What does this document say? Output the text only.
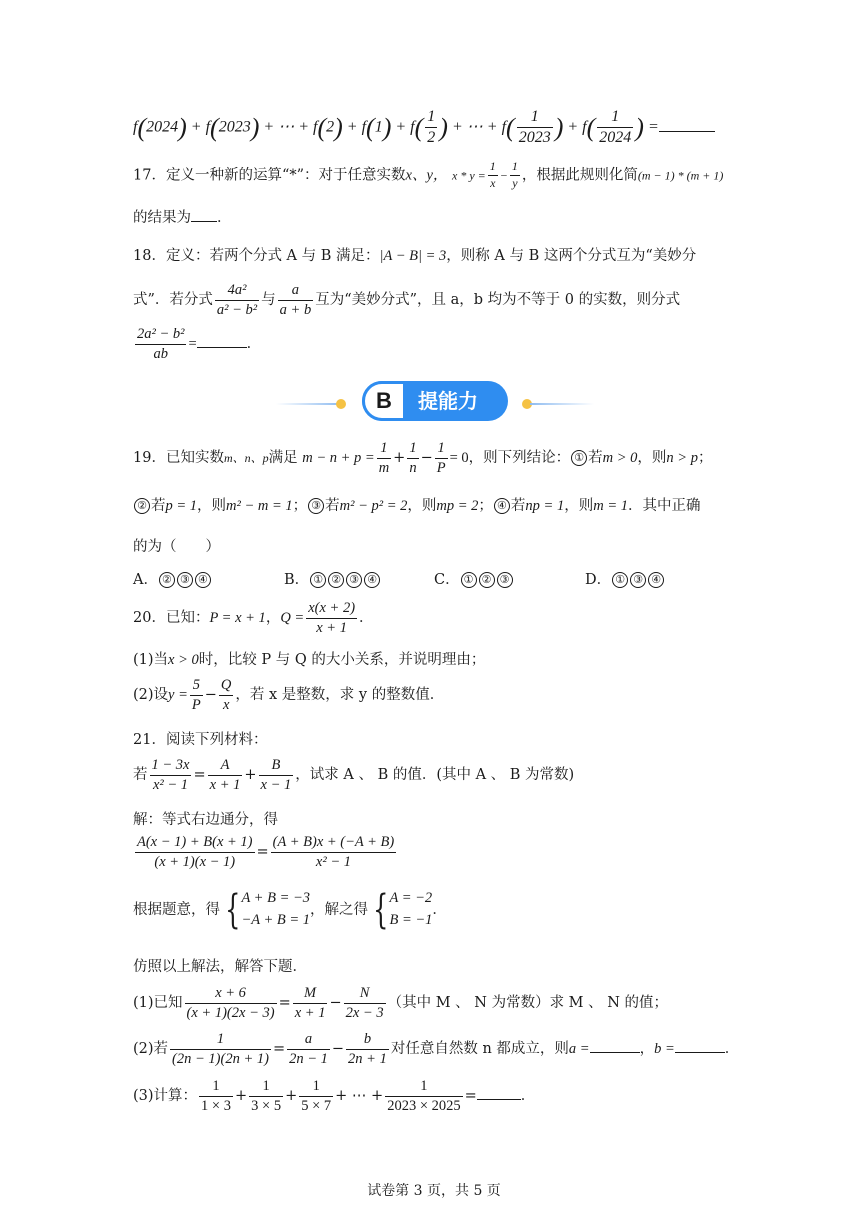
f(2024) + f(2023) + ⋯ + $f(2) + f(1) + f( \frac{1}{2}$ ) + ⋯ + $f( \frac{1}{2023}$ ) + $f( \frac{1}{2024}$ ) =
17．定义一种新的运算“*”：对于任意实数x、y， $x * y = \frac{1}{x} - \frac{1}{y}$ ，根据此规则化简(m − 1) * (m + 1)
的结果为 ．
18．定义：若两个分式 A 与 B 满足：|A − B| = 3，则称 A 与 B 这两个分式互为“美妙分
式”．若分式 $\frac{\text{4a²}}{\text{a² − b²}}$ 与 $\frac{a}{a + b}$ 互为“美妙分式”，且 a，b 均为不等于 0 的实数，则分式
$\frac{\text{2a² − b²}}{ab}$ =	．
B	提能力
19．已知实数m、n、p满足 $m - n + p = \frac{1}{m} + \frac{1}{n} - \frac{1}{P} = 0$，则下列结论： ① 若m > 0，则n > p；
② 若p = 1，则m² − m = 1； ③ 若m² − p² = 2，则mp = 2； ④ 若np = 1，则m = 1．其中正确
的为（　　）
A． ② ③ ④	B． ① ② ③ ④	C． ① ② ③	D． ① ③ ④
20．已知：P = x + 1，$Q = \frac{x(x + 2)}{x + 1}$ ．
(1)当x > 0时，比较 P 与 Q 的大小关系，并说明理由；
(2)设$y = \frac{5}{P} - \frac{Q}{x}$ ，若 x 是整数，求 y 的整数值．
21．阅读下列材料：
若 $\frac{1 - 3x}{\text{x² − 1}} = \frac{A}{x + 1} + \frac{B}{x - 1}$ ，试求 A 、 B 的值．(其中 A 、 B 为常数)
解：等式右边通分，得
$\frac{A(x - 1) + B(x + 1)}{(x + 1)(x - 1)} = \frac{(A + B)x + (-A + B)}{\text{x² − 1}}$
根据题意，得 { A + B = −3
−A + B = 1
，解之得 { A = −2
B = −1
．
仿照以上解法，解答下题．
(1)已知 $\frac{x + 6}{(x + 1)(2x - 3)} = \frac{M}{x + 1} - \frac{N}{2x - 3}$ （其中 M 、 N 为常数）求 M 、 N 的值；
(2)若 $\frac{1}{(2n - 1)(2n + 1)} = \frac{a}{2n - 1} - \frac{b}{2n + 1}$ 对任意自然数 n 都成立，则a =	，b =	．
(3)计算： $\frac{1}{1 \times 3} + \frac{1}{3 \times 5} + \frac{1}{5 \times 7}$ + ⋯ + $\frac{1}{2023 \times 2025}$ =	．
试卷第 3 页，共 5 页
